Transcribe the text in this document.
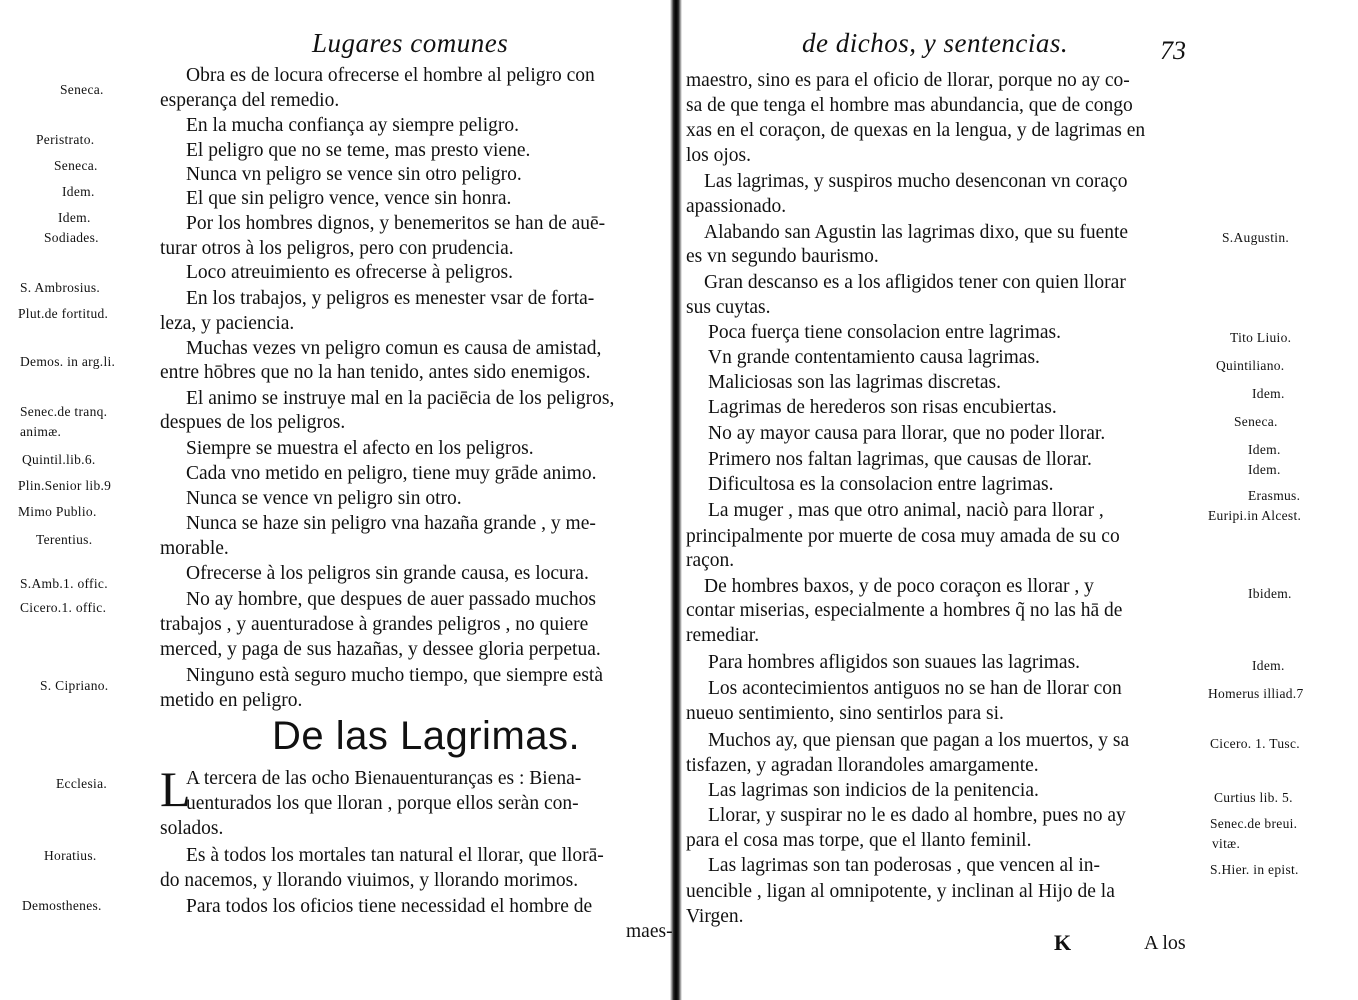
Lugares comunes
Seneca.
Peristrato.
Seneca.
Idem.
Idem.
Sodiades.
S. Ambrosius.
Plut.de fortitud.
Demos. in arg.li.
Senec.de tranq.
animæ.
Quintil.lib.6.
Plin.Senior lib.9
Mimo Publio.
Terentius.
S.Amb.1. offic.
Cicero.1. offic.
S. Cipriano.
Ecclesia.
Horatius.
Demosthenes.
Obra es de locura ofrecerse el hombre al peligro con
esperança del remedio.
En la mucha confiança ay siempre peligro.
El peligro que no se teme, mas presto viene.
Nunca vn peligro se vence sin otro peligro.
El que sin peligro vence, vence sin honra.
Por los hombres dignos, y benemeritos se han de auē-
turar otros à los peligros, pero con prudencia.
Loco atreuimiento es ofrecerse à peligros.
En los trabajos, y peligros es menester vsar de forta-
leza, y paciencia.
Muchas vezes vn peligro comun es causa de amistad,
entre hōbres que no la han tenido, antes sido enemigos.
El animo se instruye mal en la paciēcia de los peligros,
despues de los peligros.
Siempre se muestra el afecto en los peligros.
Cada vno metido en peligro, tiene muy grāde animo.
Nunca se vence vn peligro sin otro.
Nunca se haze sin peligro vna hazaña grande , y me-
morable.
Ofrecerse à los peligros sin grande causa, es locura.
No ay hombre, que despues de auer passado muchos
trabajos , y auenturadose à grandes peligros , no quiere
merced, y paga de sus hazañas, y dessee gloria perpetua.
Ninguno està seguro mucho tiempo, que siempre està
metido en peligro.
De las Lagrimas.
L
A tercera de las ocho Bienauenturanças es : Biena-
uenturados los que lloran , porque ellos seràn con-
solados.
Es à todos los mortales tan natural el llorar, que llorā-
do nacemos, y llorando viuimos, y llorando morimos.
Para todos los oficios tiene necessidad el hombre de
maes-
de dichos, y sentencias.	73
maestro, sino es para el oficio de llorar, porque no ay co-
sa de que tenga el hombre mas abundancia, que de congo
xas en el coraçon, de quexas en la lengua, y de lagrimas en
los ojos.
Las lagrimas, y suspiros mucho desenconan vn coraço
apassionado.
Alabando san Agustin las lagrimas dixo, que su fuente
es vn segundo baurismo.
Gran descanso es a los afligidos tener con quien llorar
sus cuytas.
Poca fuerça tiene consolacion entre lagrimas.
Vn grande contentamiento causa lagrimas.
Maliciosas son las lagrimas discretas.
Lagrimas de herederos son risas encubiertas.
No ay mayor causa para llorar, que no poder llorar.
Primero nos faltan lagrimas, que causas de llorar.
Dificultosa es la consolacion entre lagrimas.
La muger , mas que otro animal, naciò para llorar ,
principalmente por muerte de cosa muy amada de su co
raçon.
De hombres baxos, y de poco coraçon es llorar , y
contar miserias, especialmente a hombres q̃ no las hā de
remediar.
Para hombres afligidos son suaues las lagrimas.
Los acontecimientos antiguos no se han de llorar con
nueuo sentimiento, sino sentirlos para si.
Muchos ay, que piensan que pagan a los muertos, y sa
tisfazen, y agradan llorandoles amargamente.
Las lagrimas son indicios de la penitencia.
Llorar, y suspirar no le es dado al hombre, pues no ay
para el cosa mas torpe, que el llanto feminil.
Las lagrimas son tan poderosas , que vencen al in-
uencible , ligan al omnipotente, y inclinan al Hijo de la
Virgen.
S.Augustin.
Tito Liuio.
Quintiliano.
Idem.
Seneca.
Idem.
Idem.
Erasmus.
Euripi.in Alcest.
Ibidem.
Idem.
Homerus illiad.7
Cicero. 1. Tusc.
Curtius lib. 5.
Senec.de breui.
vitæ.
S.Hier. in epist.
K	A los
